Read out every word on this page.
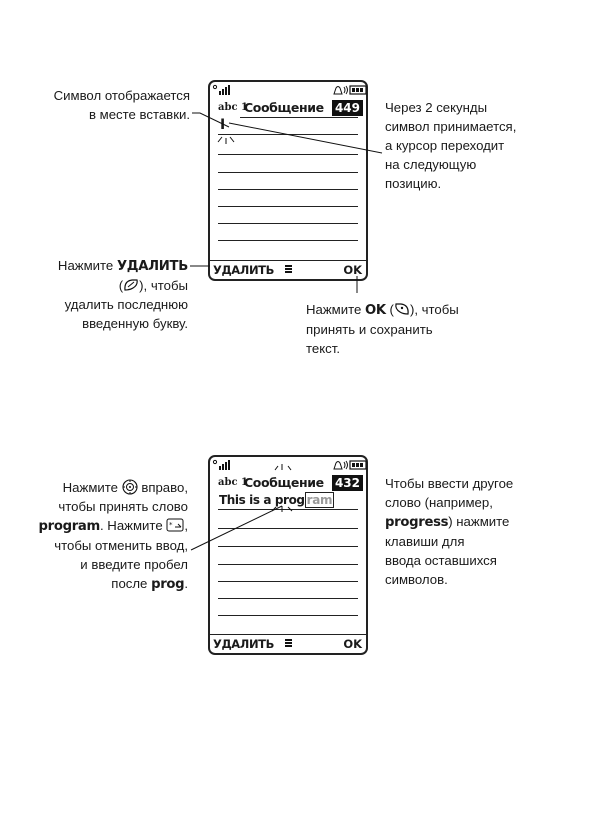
Символ отображается
в месте вставки.	abc 1
Сообщение 449
I
УДАЛИТЬ	OK
Через 2 секунды
символ принимается,
а курсор переходит
на следующую
позицию.
Нажмите УДАЛИТЬ
( ), чтобы
удалить последнюю
введенную букву.
Нажмите OK ( ), чтобы
принять и сохранить
текст.
Нажмите вправо,
чтобы принять слово
program. Нажмите * ,
чтобы отменить ввод,
и введите пробел
после prog.
abc 1
Сообщение 432
This is a prog ram
УДАЛИТЬ	OK
Чтобы ввести другое
слово (например,
progress) нажмите
клавиши для
ввода оставшихся
символов.
